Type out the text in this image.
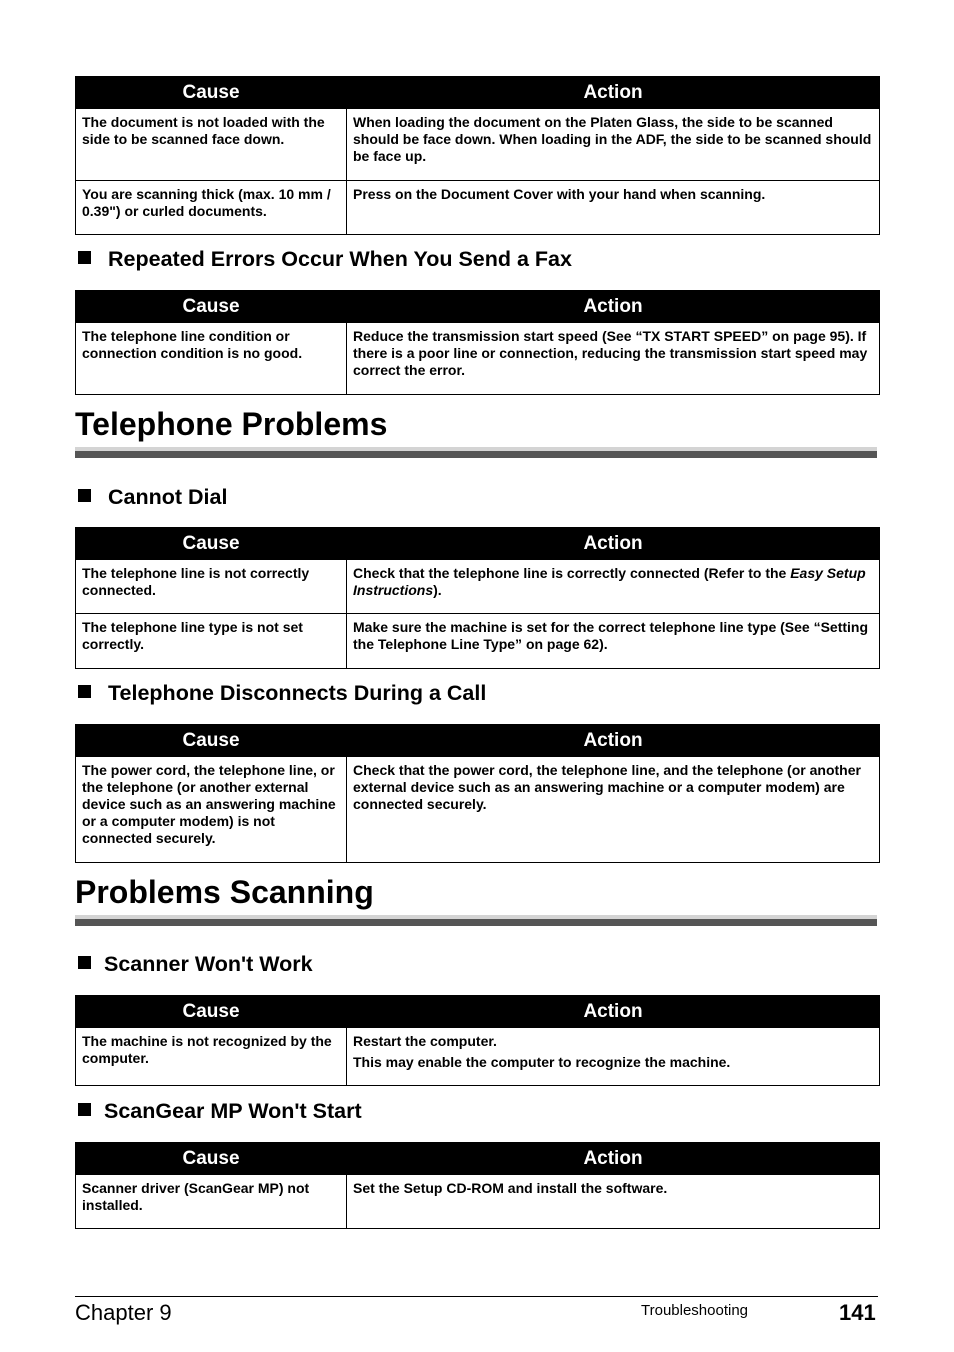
Cause	Action
The document is not loaded with the side to be scanned face down.	When loading the document on the Platen Glass, the side to be scanned should be face down. When loading in the ADF, the side to be scanned should be face up.
You are scanning thick (max. 10 mm / 0.39") or curled documents.	Press on the Document Cover with your hand when scanning.
Repeated Errors Occur When You Send a Fax
Cause	Action
The telephone line condition or connection condition is no good.	Reduce the transmission start speed (See “TX START SPEED” on page 95). If there is a poor line or connection, reducing the transmission start speed may correct the error.
Telephone Problems
Cannot Dial
Cause	Action
The telephone line is not correctly connected.	Check that the telephone line is correctly connected (Refer to the Easy Setup Instructions).
The telephone line type is not set correctly.	Make sure the machine is set for the correct telephone line type (See “Setting the Telephone Line Type” on page 62).
Telephone Disconnects During a Call
Cause	Action
The power cord, the telephone line, or the telephone (or another external device such as an answering machine or a computer modem) is not connected securely.	Check that the power cord, the telephone line, and the telephone (or another external device such as an answering machine or a computer modem) are connected securely.
Problems Scanning
Scanner Won't Work
Cause	Action
The machine is not recognized by the computer.	Restart the computer.

This may enable the computer to recognize the machine.

ScanGear MP Won't Start
Cause	Action
Scanner driver (ScanGear MP) not installed.	Set the Setup CD-ROM and install the software.
Chapter 9	Troubleshooting	141
